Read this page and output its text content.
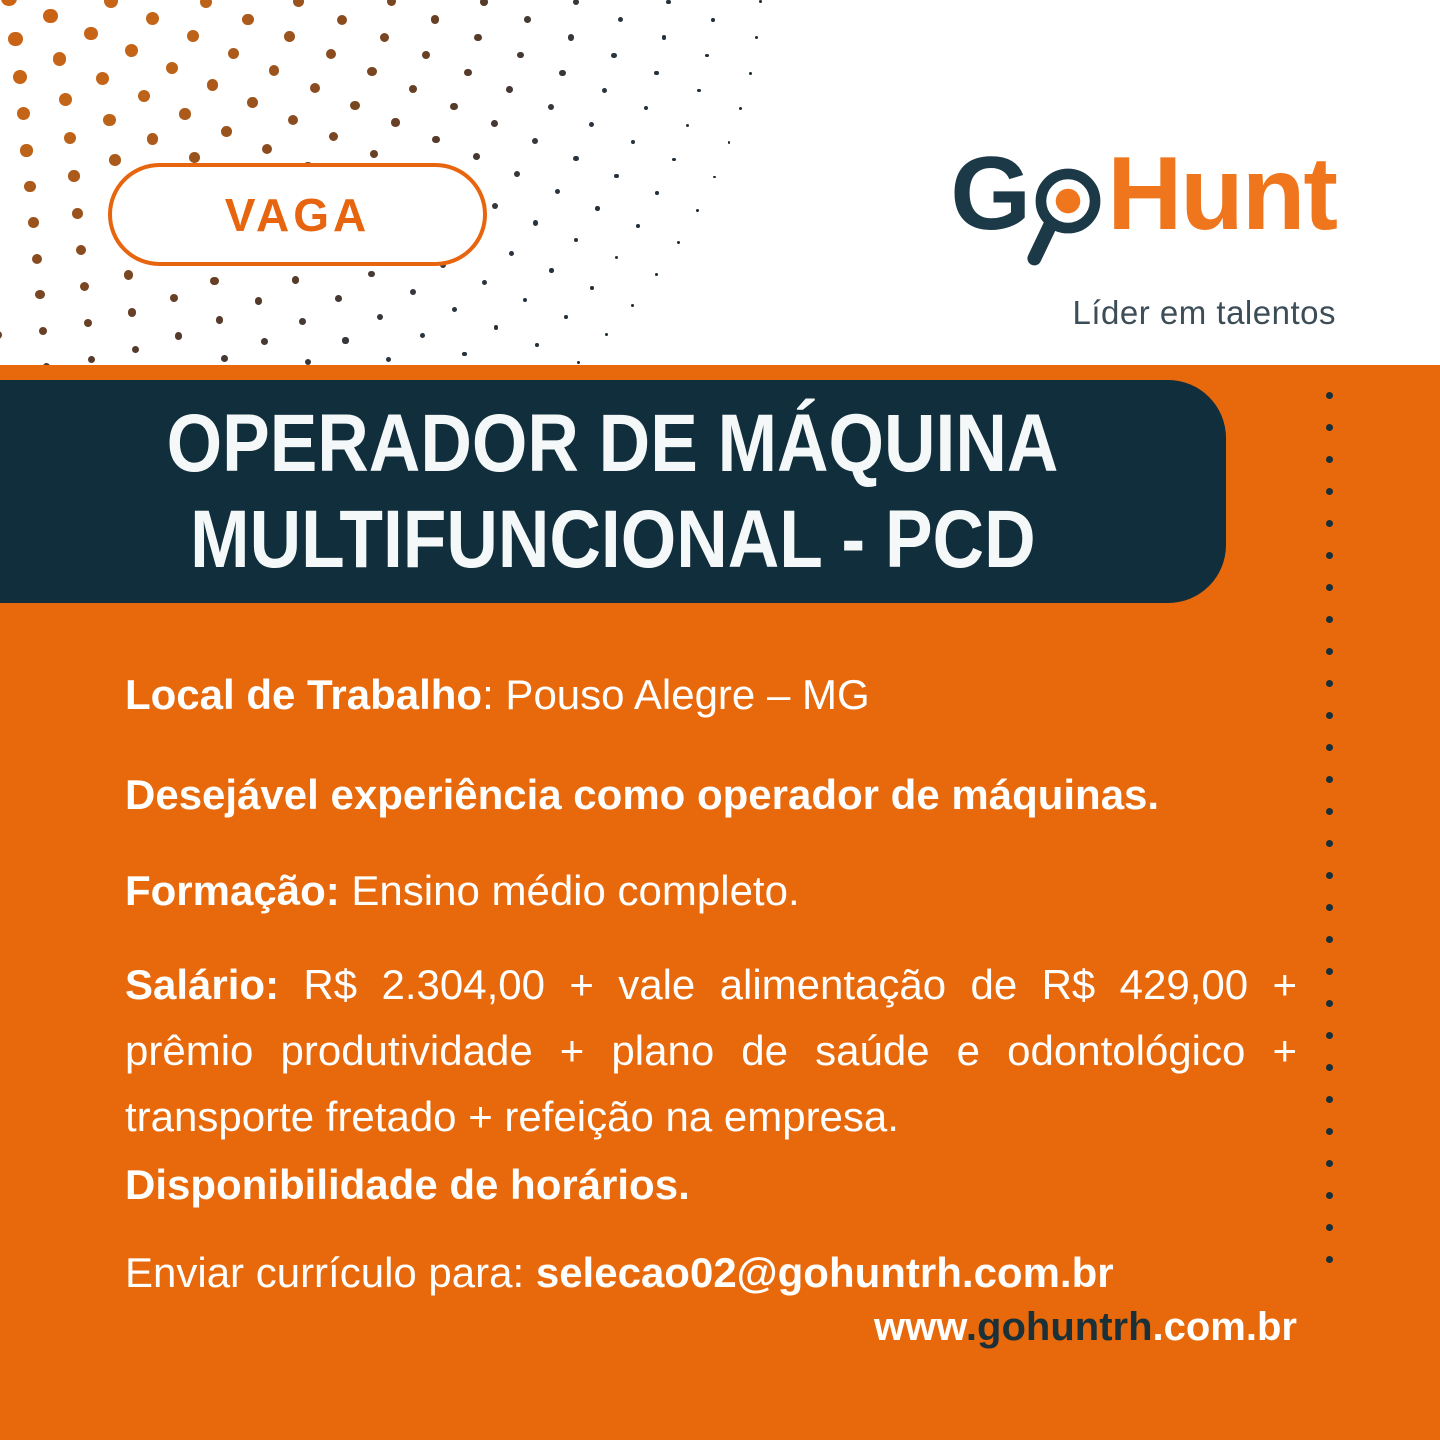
VAGA	G Hunt
Líder em talentos
OPERADOR DE MÁQUINA
MULTIFUNCIONAL - PCD
Local de Trabalho: Pouso Alegre – MG
Desejável experiência como operador de máquinas.
Formação: Ensino médio completo.
Salário: R$ 2.304,00 + vale alimentação de R$ 429,00 + prêmio produtividade + plano de saúde e odontológico + transporte fretado + refeição na empresa.
Disponibilidade de horários.
Enviar currículo para: selecao02@gohuntrh.com.br
www.gohuntrh.com.br
